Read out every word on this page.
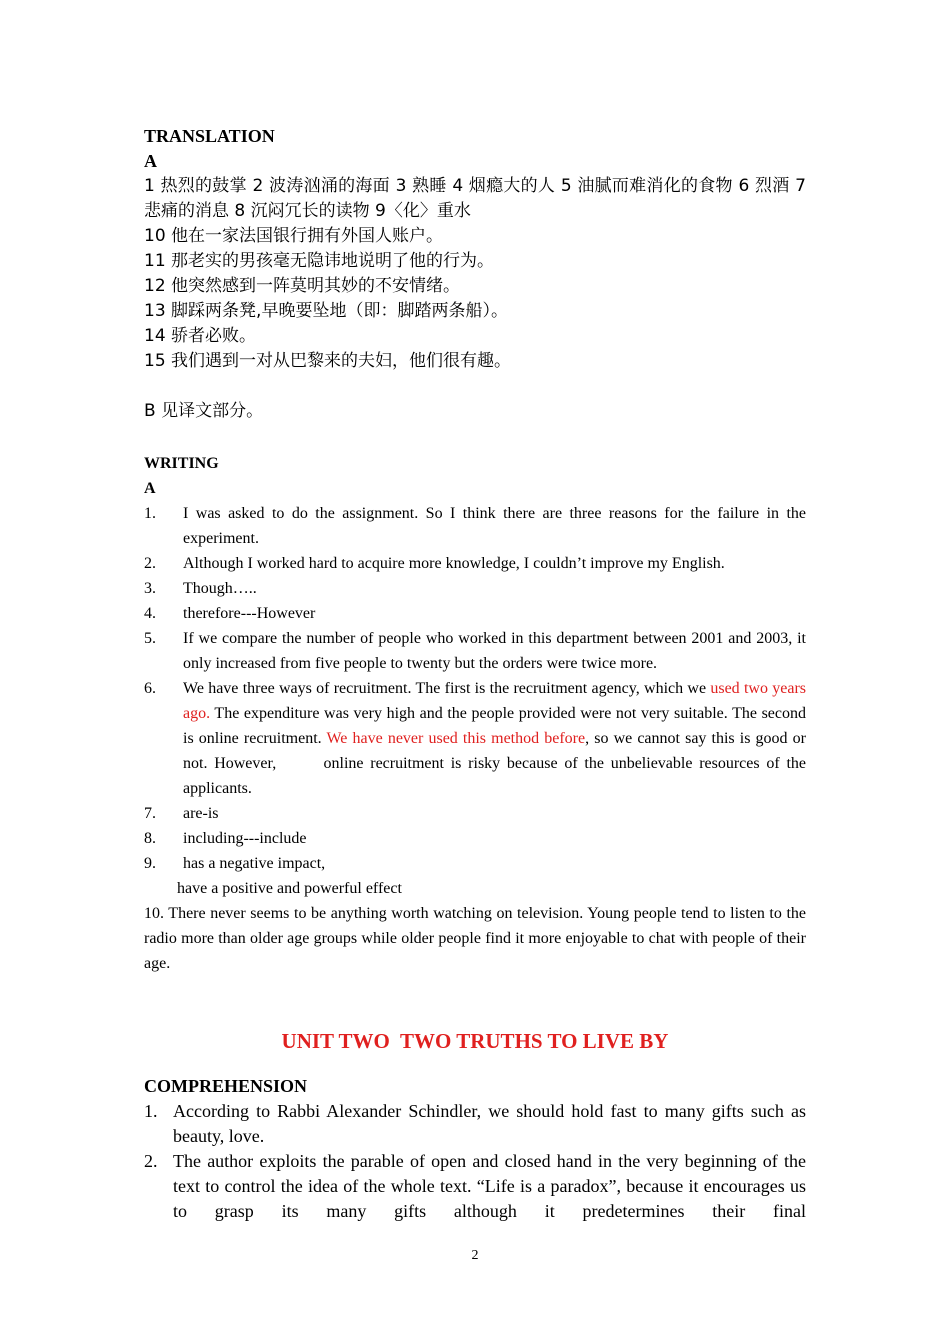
TRANSLATION
A
1 热烈的鼓掌 2 波涛汹涌的海面 3 熟睡 4 烟瘾大的人 5 油腻而难消化的食物 6 烈酒 7 悲痛的消息 8 沉闷冗长的读物 9〈化〉重水
10 他在一家法国银行拥有外国人账户。
11 那老实的男孩毫无隐讳地说明了他的行为。
12 他突然感到一阵莫明其妙的不安情绪。
13 脚踩两条凳,早晚要坠地（即：脚踏两条船）。
14 骄者必败。
15 我们遇到一对从巴黎来的夫妇，他们很有趣。
B 见译文部分。
WRITING
A
1. I was asked to do the assignment. So I think there are three reasons for the failure in the experiment.
2. Although I worked hard to acquire more knowledge, I couldn’t improve my English.
3. Though…..
4. therefore---However
5. If we compare the number of people who worked in this department between 2001 and 2003, it only increased from five people to twenty but the orders were twice more.
6. We have three ways of recruitment. The first is the recruitment agency, which we used two years ago. The expenditure was very high and the people provided were not very suitable. The second is online recruitment. We have never used this method before, so we cannot say this is good or not. However,       online recruitment is risky because of the unbelievable resources of the applicants.
7. are-is
8. including---include
9. has a negative impact,
have a positive and powerful effect
10. There never seems to be anything worth watching on television. Young people tend to listen to the radio more than older age groups while older people find it more enjoyable to chat with people of their age.
UNIT TWO  TWO TRUTHS TO LIVE BY
COMPREHENSION
1. According to Rabbi Alexander Schindler, we should hold fast to many gifts such as beauty, love.
2. The author exploits the parable of open and closed hand in the very beginning of the text to control the idea of the whole text. “Life is a paradox”, because it encourages us to grasp its many gifts although it predetermines their final
2
